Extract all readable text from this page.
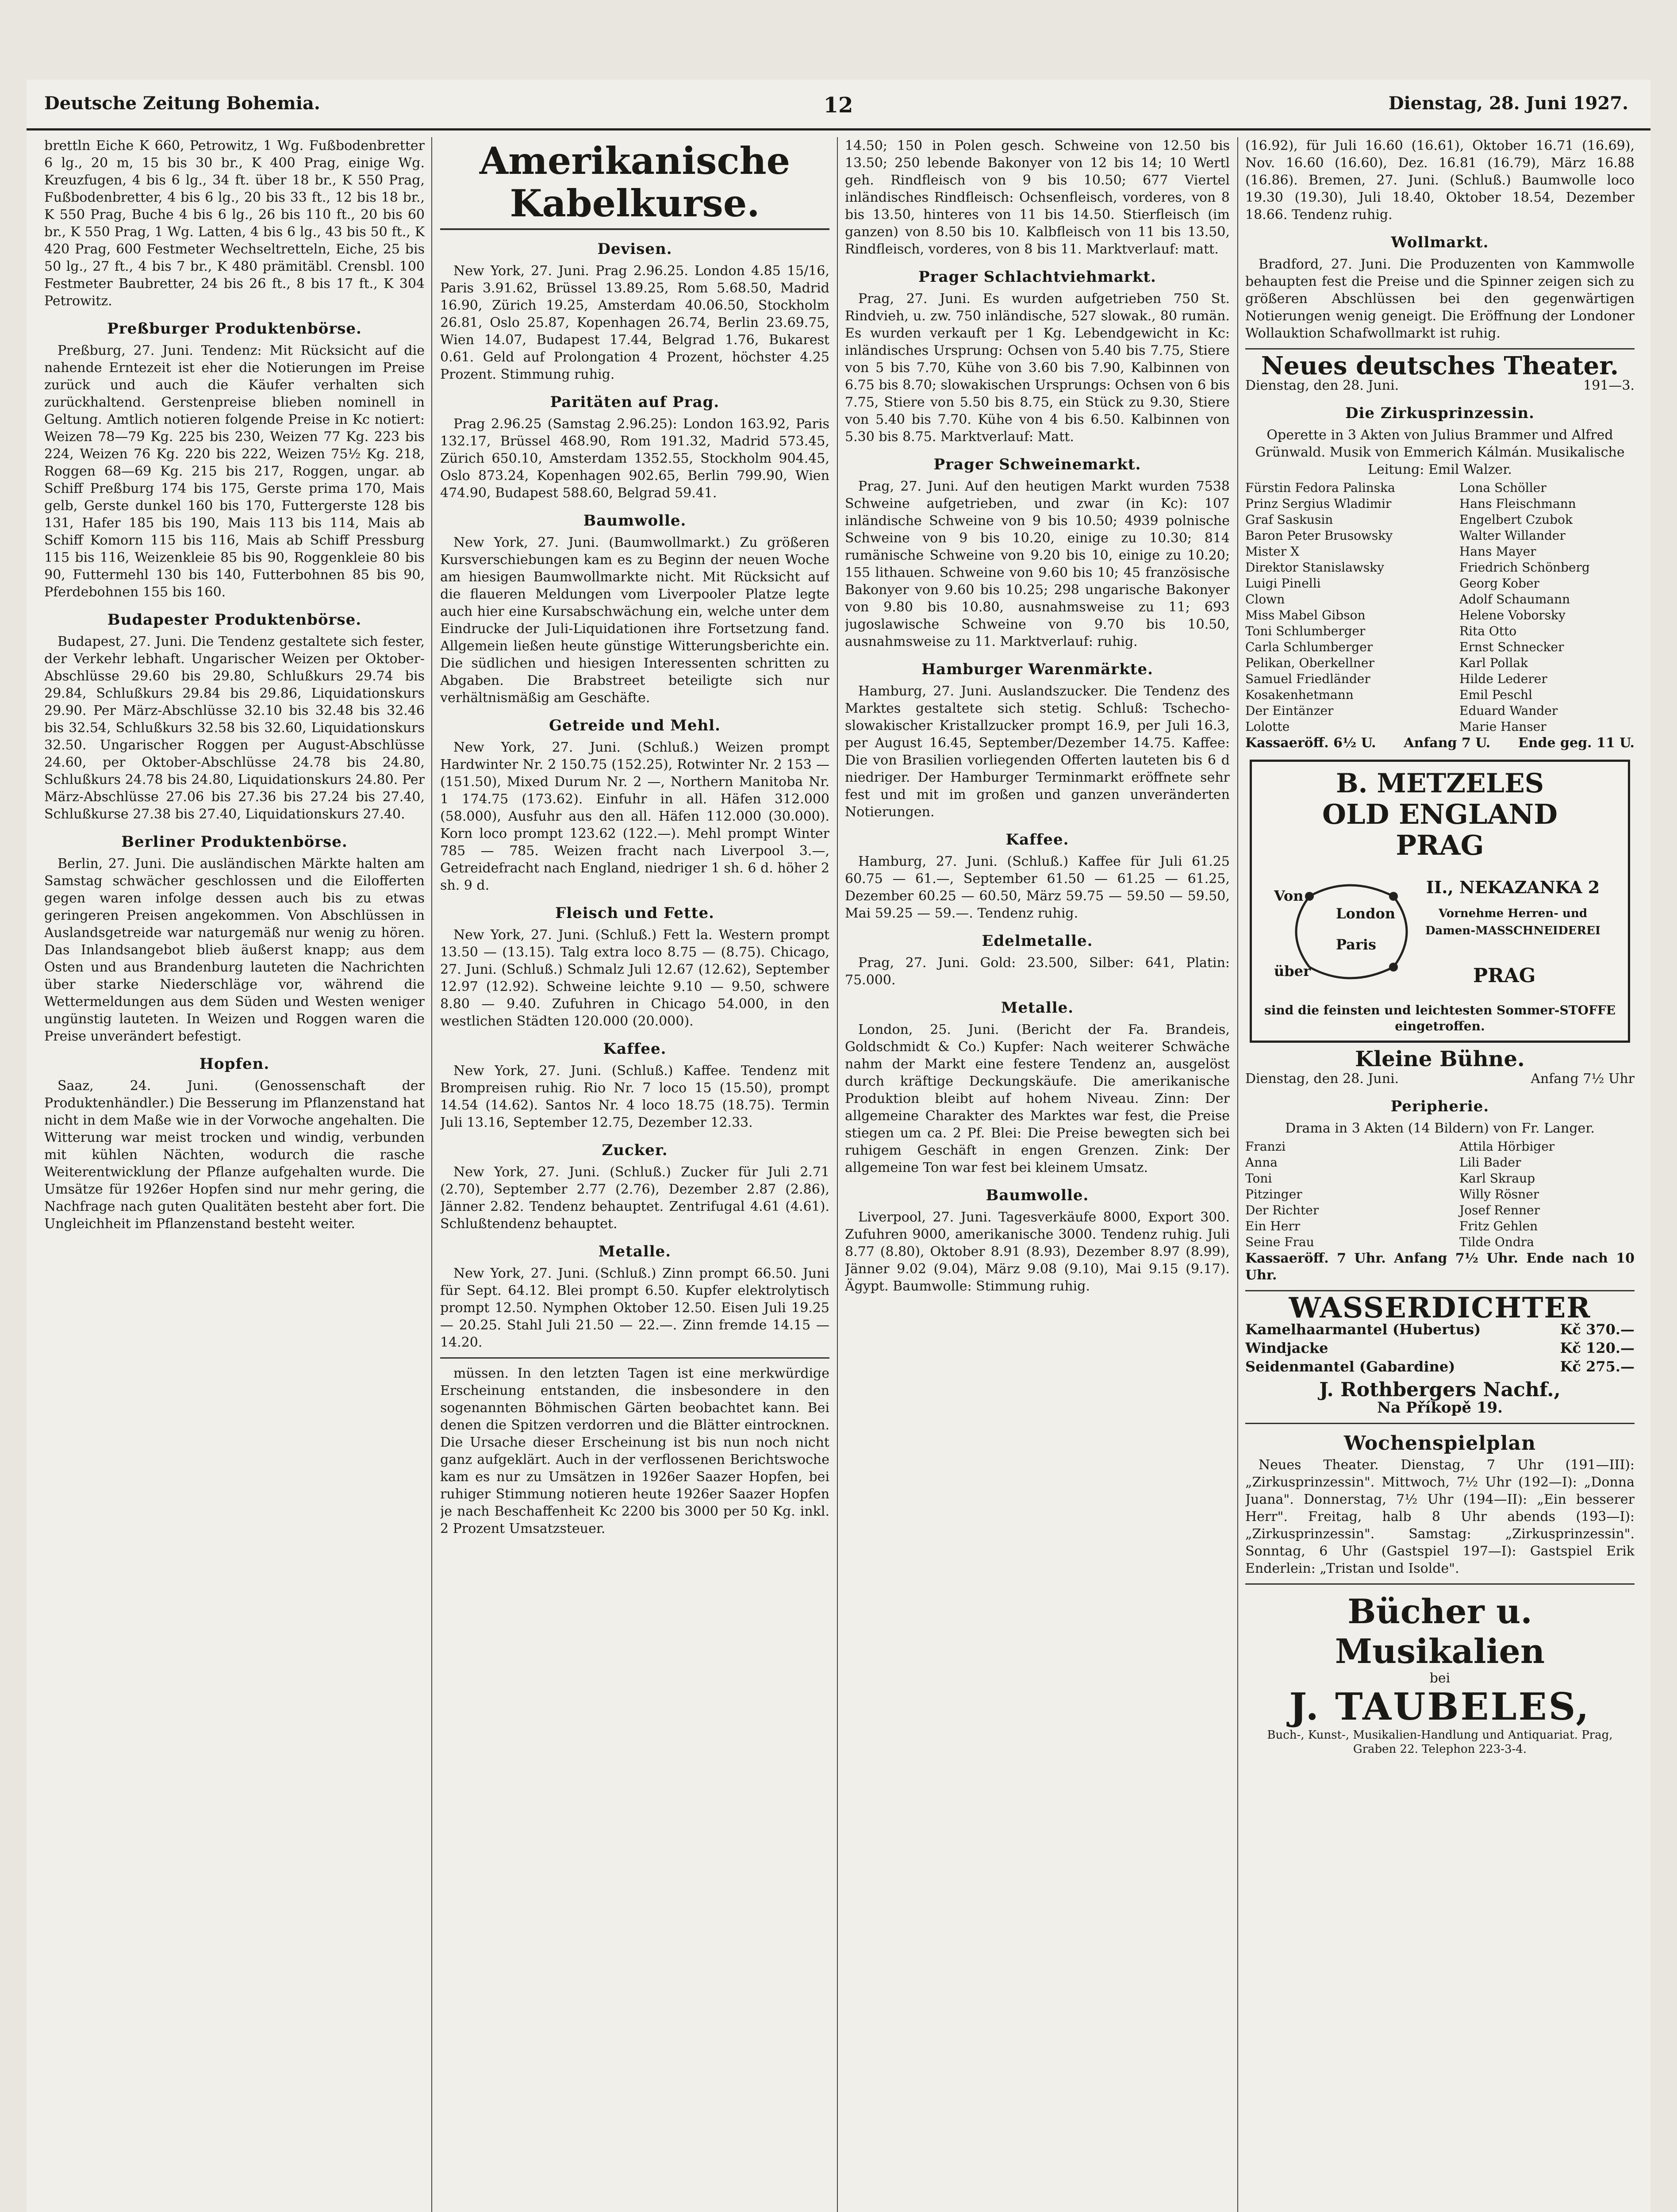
Deutsche Zeitung Bohemia.	12	Dienstag, 28. Juni 1927.

brettln Eiche K 660, Petrowitz, 1 Wg. Fußbodenbretter 6 lg., 20 m, 15 bis 30 br., K 400 Prag, einige Wg. Kreuzfugen, 4 bis 6 lg., 34 ft. über 18 br., K 550 Prag, Fußbodenbretter, 4 bis 6 lg., 20 bis 33 ft., 12 bis 18 br., K 550 Prag, Buche 4 bis 6 lg., 26 bis 110 ft., 20 bis 60 br., K 550 Prag, 1 Wg. Latten, 4 bis 6 lg., 43 bis 50 ft., K 420 Prag, 600 Festmeter Wechseltretteln, Eiche, 25 bis 50 lg., 27 ft., 4 bis 7 br., K 480 prämitäbl. Crensbl. 100 Festmeter Baubretter, 24 bis 26 ft., 8 bis 17 ft., K 304 Petrowitz.

Preßburger Produktenbörse.

Preßburg, 27. Juni. Tendenz: Mit Rücksicht auf die nahende Erntezeit ist eher die Notierungen im Preise zurück und auch die Käufer verhalten sich zurückhaltend. Gerstenpreise blieben nominell in Geltung. Amtlich notieren folgende Preise in Kc notiert: Weizen 78—79 Kg. 225 bis 230, Weizen 77 Kg. 223 bis 224, Weizen 76 Kg. 220 bis 222, Weizen 75½ Kg. 218, Roggen 68—69 Kg. 215 bis 217, Roggen, ungar. ab Schiff Preßburg 174 bis 175, Gerste prima 170, Mais gelb, Gerste dunkel 160 bis 170, Futtergerste 128 bis 131, Hafer 185 bis 190, Mais 113 bis 114, Mais ab Schiff Komorn 115 bis 116, Mais ab Schiff Pressburg 115 bis 116, Weizenkleie 85 bis 90, Roggenkleie 80 bis 90, Futtermehl 130 bis 140, Futterbohnen 85 bis 90, Pferdebohnen 155 bis 160.

Budapester Produktenbörse.

Budapest, 27. Juni. Die Tendenz gestaltete sich fester, der Verkehr lebhaft. Ungarischer Weizen per Oktober-Abschlüsse 29.60 bis 29.80, Schlußkurs 29.74 bis 29.84, Schlußkurs 29.84 bis 29.86, Liquidationskurs 29.90. Per März-Abschlüsse 32.10 bis 32.48 bis 32.46 bis 32.54, Schlußkurs 32.58 bis 32.60, Liquidationskurs 32.50. Ungarischer Roggen per August-Abschlüsse 24.60, per Oktober-Abschlüsse 24.78 bis 24.80, Schlußkurs 24.78 bis 24.80, Liquidationskurs 24.80. Per März-Abschlüsse 27.06 bis 27.36 bis 27.24 bis 27.40, Schlußkurse 27.38 bis 27.40, Liquidationskurs 27.40.

Berliner Produktenbörse.

Berlin, 27. Juni. Die ausländischen Märkte halten am Samstag schwächer geschlossen und die Eilofferten gegen waren infolge dessen auch bis zu etwas geringeren Preisen angekommen. Von Abschlüssen in Auslandsgetreide war naturgemäß nur wenig zu hören. Das Inlandsangebot blieb äußerst knapp; aus dem Osten und aus Brandenburg lauteten die Nachrichten über starke Niederschläge vor, während die Wettermeldungen aus dem Süden und Westen weniger ungünstig lauteten. In Weizen und Roggen waren die Preise unverändert befestigt.

Hopfen.

Saaz, 24. Juni. (Genossenschaft der Produktenhändler.) Die Besserung im Pflanzenstand hat nicht in dem Maße wie in der Vorwoche angehalten. Die Witterung war meist trocken und windig, verbunden mit kühlen Nächten, wodurch die rasche Weiterentwicklung der Pflanze aufgehalten wurde. Die Umsätze für 1926er Hopfen sind nur mehr gering, die Nachfrage nach guten Qualitäten besteht aber fort. Die Ungleichheit im Pflanzenstand besteht weiter.

Amerikanische Kabelkurse.
Devisen.

New York, 27. Juni. Prag 2.96.25. London 4.85 15/16, Paris 3.91.62, Brüssel 13.89.25, Rom 5.68.50, Madrid 16.90, Zürich 19.25, Amsterdam 40.06.50, Stockholm 26.81, Oslo 25.87, Kopenhagen 26.74, Berlin 23.69.75, Wien 14.07, Budapest 17.44, Belgrad 1.76, Bukarest 0.61. Geld auf Prolongation 4 Prozent, höchster 4.25 Prozent. Stimmung ruhig.

Paritäten auf Prag.

Prag 2.96.25 (Samstag 2.96.25): London 163.92, Paris 132.17, Brüssel 468.90, Rom 191.32, Madrid 573.45, Zürich 650.10, Amsterdam 1352.55, Stockholm 904.45, Oslo 873.24, Kopenhagen 902.65, Berlin 799.90, Wien 474.90, Budapest 588.60, Belgrad 59.41.

Baumwolle.

New York, 27. Juni. (Baumwollmarkt.) Zu größeren Kursverschiebungen kam es zu Beginn der neuen Woche am hiesigen Baumwollmarkte nicht. Mit Rücksicht auf die flaueren Meldungen vom Liverpooler Platze legte auch hier eine Kursabschwächung ein, welche unter dem Eindrucke der Juli-Liquidationen ihre Fortsetzung fand. Allgemein ließen heute günstige Witterungsberichte ein. Die südlichen und hiesigen Interessenten schritten zu Abgaben. Die Brabstreet beteiligte sich nur verhältnismäßig am Geschäfte.

Getreide und Mehl.

New York, 27. Juni. (Schluß.) Weizen prompt Hardwinter Nr. 2 150.75 (152.25), Rotwinter Nr. 2 153 — (151.50), Mixed Durum Nr. 2 —, Northern Manitoba Nr. 1 174.75 (173.62). Einfuhr in all. Häfen 312.000 (58.000), Ausfuhr aus den all. Häfen 112.000 (30.000). Korn loco prompt 123.62 (122.—). Mehl prompt Winter 785 — 785. Weizen fracht nach Liverpool 3.—, Getreidefracht nach England, niedriger 1 sh. 6 d. höher 2 sh. 9 d.

Fleisch und Fette.

New York, 27. Juni. (Schluß.) Fett la. Western prompt 13.50 — (13.15). Talg extra loco 8.75 — (8.75). Chicago, 27. Juni. (Schluß.) Schmalz Juli 12.67 (12.62), September 12.97 (12.92). Schweine leichte 9.10 — 9.50, schwere 8.80 — 9.40. Zufuhren in Chicago 54.000, in den westlichen Städten 120.000 (20.000).

Kaffee.

New York, 27. Juni. (Schluß.) Kaffee. Tendenz mit Brompreisen ruhig. Rio Nr. 7 loco 15 (15.50), prompt 14.54 (14.62). Santos Nr. 4 loco 18.75 (18.75). Termin Juli 13.16, September 12.75, Dezember 12.33.

Zucker.

New York, 27. Juni. (Schluß.) Zucker für Juli 2.71 (2.70), September 2.77 (2.76), Dezember 2.87 (2.86), Jänner 2.82. Tendenz behauptet. Zentrifugal 4.61 (4.61). Schlußtendenz behauptet.

Metalle.

New York, 27. Juni. (Schluß.) Zinn prompt 66.50. Juni für Sept. 64.12. Blei prompt 6.50. Kupfer elektrolytisch prompt 12.50. Nymphen Oktober 12.50. Eisen Juli 19.25 — 20.25. Stahl Juli 21.50 — 22.—. Zinn fremde 14.15 — 14.20.

müssen. In den letzten Tagen ist eine merkwürdige Erscheinung entstanden, die insbesondere in den sogenannten Böhmischen Gärten beobachtet kann. Bei denen die Spitzen verdorren und die Blätter eintrocknen. Die Ursache dieser Erscheinung ist bis nun noch nicht ganz aufgeklärt. Auch in der verflossenen Berichtswoche kam es nur zu Umsätzen in 1926er Saazer Hopfen, bei ruhiger Stimmung notieren heute 1926er Saazer Hopfen je nach Beschaffenheit Kc 2200 bis 3000 per 50 Kg. inkl. 2 Prozent Umsatzsteuer.

14.50; 150 in Polen gesch. Schweine von 12.50 bis 13.50; 250 lebende Bakonyer von 12 bis 14; 10 Wertl geh. Rindfleisch von 9 bis 10.50; 677 Viertel inländisches Rindfleisch: Ochsenfleisch, vorderes, von 8 bis 13.50, hinteres von 11 bis 14.50. Stierfleisch (im ganzen) von 8.50 bis 10. Kalbfleisch von 11 bis 13.50, Rindfleisch, vorderes, von 8 bis 11. Marktverlauf: matt.

Prager Schlachtviehmarkt.

Prag, 27. Juni. Es wurden aufgetrieben 750 St. Rindvieh, u. zw. 750 inländische, 527 slowak., 80 rumän. Es wurden verkauft per 1 Kg. Lebendgewicht in Kc: inländisches Ursprung: Ochsen von 5.40 bis 7.75, Stiere von 5 bis 7.70, Kühe von 3.60 bis 7.90, Kalbinnen von 6.75 bis 8.70; slowakischen Ursprungs: Ochsen von 6 bis 7.75, Stiere von 5.50 bis 8.75, ein Stück zu 9.30, Stiere von 5.40 bis 7.70. Kühe von 4 bis 6.50. Kalbinnen von 5.30 bis 8.75. Marktverlauf: Matt.

Prager Schweinemarkt.

Prag, 27. Juni. Auf den heutigen Markt wurden 7538 Schweine aufgetrieben, und zwar (in Kc): 107 inländische Schweine von 9 bis 10.50; 4939 polnische Schweine von 9 bis 10.20, einige zu 10.30; 814 rumänische Schweine von 9.20 bis 10, einige zu 10.20; 155 lithauen. Schweine von 9.60 bis 10; 45 französische Bakonyer von 9.60 bis 10.25; 298 ungarische Bakonyer von 9.80 bis 10.80, ausnahmsweise zu 11; 693 jugoslawische Schweine von 9.70 bis 10.50, ausnahmsweise zu 11. Marktverlauf: ruhig.

Hamburger Warenmärkte.

Hamburg, 27. Juni. Auslandszucker. Die Tendenz des Marktes gestaltete sich stetig. Schluß: Tschecho-slowakischer Kristallzucker prompt 16.9, per Juli 16.3, per August 16.45, September/Dezember 14.75. Kaffee: Die von Brasilien vorliegenden Offerten lauteten bis 6 d niedriger. Der Hamburger Terminmarkt eröffnete sehr fest und mit im großen und ganzen unveränderten Notierungen.

Kaffee.

Hamburg, 27. Juni. (Schluß.) Kaffee für Juli 61.25 60.75 — 61.—, September 61.50 — 61.25 — 61.25, Dezember 60.25 — 60.50, März 59.75 — 59.50 — 59.50, Mai 59.25 — 59.—. Tendenz ruhig.

Edelmetalle.

Prag, 27. Juni. Gold: 23.500, Silber: 641, Platin: 75.000.

Metalle.

London, 25. Juni. (Bericht der Fa. Brandeis, Goldschmidt & Co.) Kupfer: Nach weiterer Schwäche nahm der Markt eine festere Tendenz an, ausgelöst durch kräftige Deckungskäufe. Die amerikanische Produktion bleibt auf hohem Niveau. Zinn: Der allgemeine Charakter des Marktes war fest, die Preise stiegen um ca. 2 Pf. Blei: Die Preise bewegten sich bei ruhigem Geschäft in engen Grenzen. Zink: Der allgemeine Ton war fest bei kleinem Umsatz.

Baumwolle.

Liverpool, 27. Juni. Tagesverkäufe 8000, Export 300. Zufuhren 9000, amerikanische 3000. Tendenz ruhig. Juli 8.77 (8.80), Oktober 8.91 (8.93), Dezember 8.97 (8.99), Jänner 9.02 (9.04), März 9.08 (9.10), Mai 9.15 (9.17). Ägypt. Baumwolle: Stimmung ruhig.

(16.92), für Juli 16.60 (16.61), Oktober 16.71 (16.69), Nov. 16.60 (16.60), Dez. 16.81 (16.79), März 16.88 (16.86). Bremen, 27. Juni. (Schluß.) Baumwolle loco 19.30 (19.30), Juli 18.40, Oktober 18.54, Dezember 18.66. Tendenz ruhig.

Wollmarkt.

Bradford, 27. Juni. Die Produzenten von Kammwolle behaupten fest die Preise und die Spinner zeigen sich zu größeren Abschlüssen bei den gegenwärtigen Notierungen wenig geneigt. Die Eröffnung der Londoner Wollauktion Schafwollmarkt ist ruhig.

Neues deutsches Theater.
Dienstag, den 28. Juni.	191—3.
Die Zirkusprinzessin.

Operette in 3 Akten von Julius Brammer und Alfred Grünwald. Musik von Emmerich Kálmán. Musikalische Leitung: Emil Walzer.

Fürstin Fedora Palinska	Lona Schöller
Prinz Sergius Wladimir	Hans Fleischmann
Graf Saskusin	Engelbert Czubok
Baron Peter Brusowsky	Walter Willander
Mister X	Hans Mayer
Direktor Stanislawsky	Friedrich Schönberg
Luigi Pinelli	Georg Kober
Clown	Adolf Schaumann
Miss Mabel Gibson	Helene Voborsky
Toni Schlumberger	Rita Otto
Carla Schlumberger	Ernst Schnecker
Pelikan, Oberkellner	Karl Pollak
Samuel Friedländer	Hilde Lederer
Kosakenhetmann	Emil Peschl
Der Eintänzer	Eduard Wander
Lolotte	Marie Hanser
Kassaeröff. 6½ U. Anfang 7 U. Ende geg. 11 U.
B. METZELES
OLD ENGLAND
PRAG
Von
London
Paris
über
II., NEKAZANKA 2
Vornehme Herren- und Damen-MASSCHNEIDEREI
PRAG
sind die feinsten und leichtesten Sommer-STOFFE eingetroffen.
Kleine Bühne.
Dienstag, den 28. Juni.	Anfang 7½ Uhr
Peripherie.

Drama in 3 Akten (14 Bildern) von Fr. Langer.

Franzi	Attila Hörbiger
Anna	Lili Bader
Toni	Karl Skraup
Pitzinger	Willy Rösner
Der Richter	Josef Renner
Ein Herr	Fritz Gehlen
Seine Frau	Tilde Ondra
Kassaeröff. 7 Uhr. Anfang 7½ Uhr. Ende nach 10 Uhr.
WASSERDICHTER
Kamelhaarmantel (Hubertus)	Kč 370.—
Windjacke	Kč 120.—
Seidenmantel (Gabardine)	Kč 275.—
J. Rothbergers Nachf.,
Na Příkopě 19.
Wochenspielplan

Neues Theater. Dienstag, 7 Uhr (191—III): „Zirkusprinzessin". Mittwoch, 7½ Uhr (192—I): „Donna Juana". Donnerstag, 7½ Uhr (194—II): „Ein besserer Herr". Freitag, halb 8 Uhr abends (193—I): „Zirkusprinzessin". Samstag: „Zirkusprinzessin". Sonntag, 6 Uhr (Gastspiel 197—I): Gastspiel Erik Enderlein: „Tristan und Isolde".

Bücher u. Musikalien
bei
J. TAUBELES,
Buch-, Kunst-, Musikalien-Handlung und Antiquariat. Prag, Graben 22. Telephon 223-3-4.
